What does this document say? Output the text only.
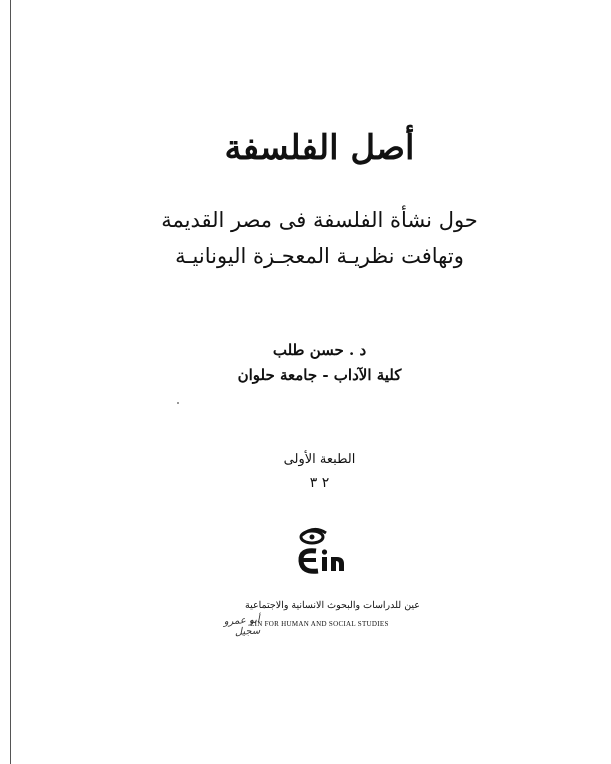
أصل الفلسفة
حول نشأة الفلسفة فى مصر القديمة
وتهافت نظريـة المعجـزة اليونانيـة
د . حسن طلب
كلية الآداب - جامعة حلوان
الطبعة الأولى
٢ ٣
عين للدراسات والبحوث الانسانية والاجتماعية
EIN FOR HUMAN AND SOCIAL STUDIES
أبو عمرو سجيل
